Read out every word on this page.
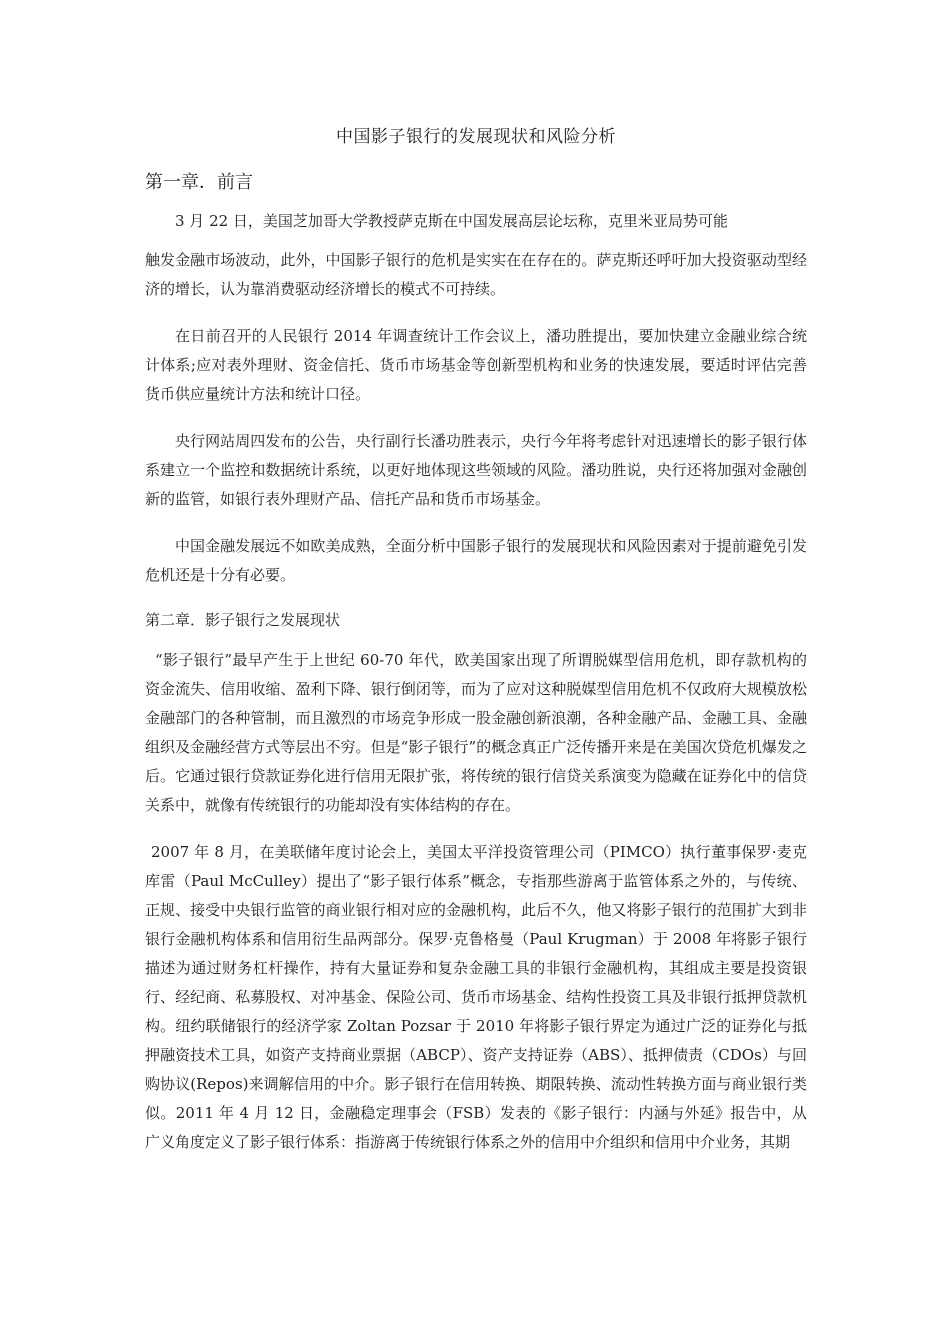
中国影子银行的发展现状和风险分析
第一章．前言

3 月 22 日，美国芝加哥大学教授萨克斯在中国发展高层论坛称，克里米亚局势可能

触发金融市场波动，此外，中国影子银行的危机是实实在在存在的。萨克斯还呼吁加大投资驱动型经济的增长，认为靠消费驱动经济增长的模式不可持续。

在日前召开的人民银行 2014 年调查统计工作会议上，潘功胜提出，要加快建立金融业综合统计体系;应对表外理财、资金信托、货币市场基金等创新型机构和业务的快速发展，要适时评估完善货币供应量统计方法和统计口径。

央行网站周四发布的公告，央行副行长潘功胜表示，央行今年将考虑针对迅速增长的影子银行体系建立一个监控和数据统计系统，以更好地体现这些领域的风险。潘功胜说，央行还将加强对金融创新的监管，如银行表外理财产品、信托产品和货币市场基金。

中国金融发展远不如欧美成熟，全面分析中国影子银行的发展现状和风险因素对于提前避免引发危机还是十分有必要。

第二章．影子银行之发展现状

“影子银行”最早产生于上世纪 60-70 年代，欧美国家出现了所谓脱媒型信用危机，即存款机构的资金流失、信用收缩、盈利下降、银行倒闭等，而为了应对这种脱媒型信用危机不仅政府大规模放松金融部门的各种管制，而且激烈的市场竞争形成一股金融创新浪潮，各种金融产品、金融工具、金融组织及金融经营方式等层出不穷。但是“影子银行”的概念真正广泛传播开来是在美国次贷危机爆发之后。它通过银行贷款证券化进行信用无限扩张，将传统的银行信贷关系演变为隐藏在证券化中的信贷关系中，就像有传统银行的功能却没有实体结构的存在。

2007 年 8 月，在美联储年度讨论会上，美国太平洋投资管理公司（PIMCO）执行董事保罗·麦克库雷（Paul McCulley）提出了“影子银行体系”概念，专指那些游离于监管体系之外的，与传统、正规、接受中央银行监管的商业银行相对应的金融机构，此后不久，他又将影子银行的范围扩大到非银行金融机构体系和信用衍生品两部分。保罗·克鲁格曼（Paul Krugman）于 2008 年将影子银行描述为通过财务杠杆操作，持有大量证券和复杂金融工具的非银行金融机构，其组成主要是投资银行、经纪商、私募股权、对冲基金、保险公司、货币市场基金、结构性投资工具及非银行抵押贷款机构。纽约联储银行的经济学家 Zoltan Pozsar 于 2010 年将影子银行界定为通过广泛的证券化与抵押融资技术工具，如资产支持商业票据（ABCP）、资产支持证券（ABS）、抵押债责（CDOs）与回购协议(Repos)来调解信用的中介。影子银行在信用转换、期限转换、流动性转换方面与商业银行类似。2011 年 4 月 12 日，金融稳定理事会（FSB）发表的《影子银行：内涵与外延》报告中，从广义角度定义了影子银行体系：指游离于传统银行体系之外的信用中介组织和信用中介业务，其期
